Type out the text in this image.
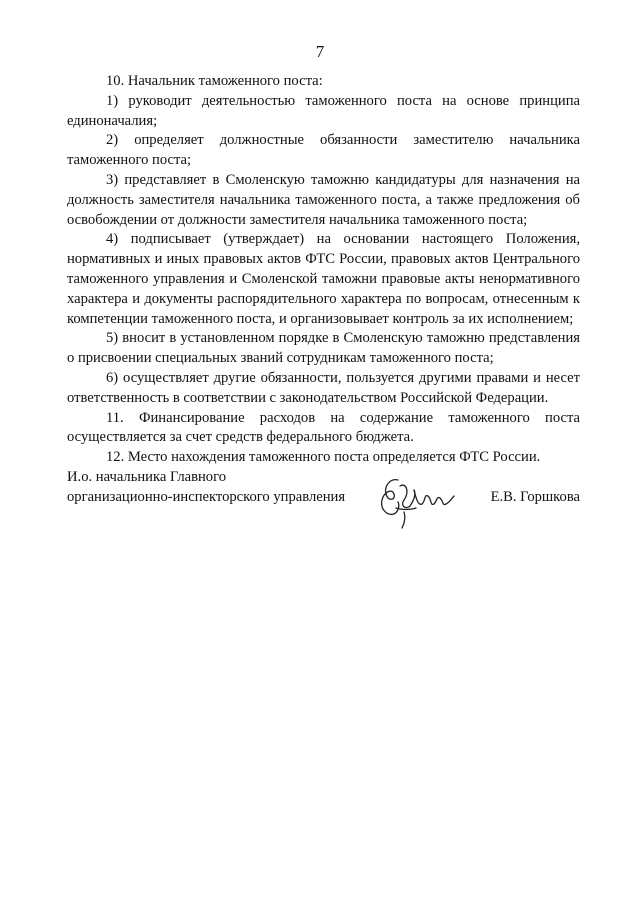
7

10. Начальник таможенного поста:

1) руководит деятельностью таможенного поста на основе принципа единоначалия;

2) определяет должностные обязанности заместителю начальника таможенного поста;

3) представляет в Смоленскую таможню кандидатуры для назначения на должность заместителя начальника таможенного поста, а также предложения об освобождении от должности заместителя начальника таможенного поста;

4) подписывает (утверждает) на основании настоящего Положения, нормативных и иных правовых актов ФТС России, правовых актов Центрального таможенного управления и Смоленской таможни правовые акты ненормативного характера и документы распорядительного характера по вопросам, отнесенным к компетенции таможенного поста, и организовывает контроль за их исполнением;

5) вносит в установленном порядке в Смоленскую таможню представления о присвоении специальных званий сотрудникам таможенного поста;

6) осуществляет другие обязанности, пользуется другими правами и несет ответственность в соответствии с законодательством Российской Федерации.

11. Финансирование расходов на содержание таможенного поста осуществляется за счет средств федерального бюджета.

12. Место нахождения таможенного поста определяется ФТС России.

И.о. начальника Главного
организационно-инспекторского управления	Е.В. Горшкова
